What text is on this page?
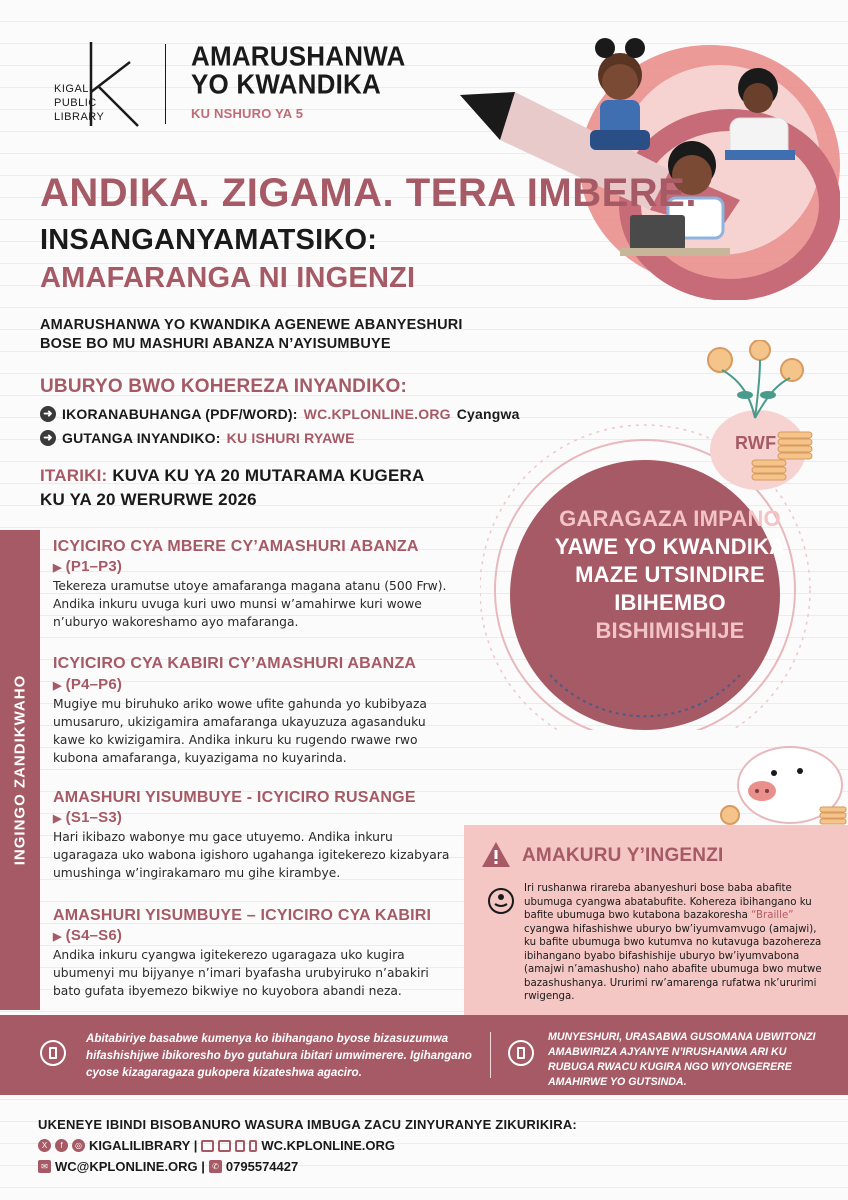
KIGALI
PUBLIC
LIBRARY
AMARUSHANWA
YO KWANDIKA
KU NSHURO YA 5
ANDIKA. ZIGAMA. TERA IMBERE.
INSANGANYAMATSIKO:
AMAFARANGA NI INGENZI
AMARUSHANWA YO KWANDIKA AGENEWE ABANYESHURI
BOSE BO MU MASHURI ABANZA N’AYISUMBUYE
UBURYO BWO KOHEREZA INYANDIKO:
➜ IKORANABUHANGA (PDF/WORD): WC.KPLONLINE.ORG Cyangwa
➜ GUTANGA INYANDIKO: KU ISHURI RYAWE
ITARIKI: KUVA KU YA 20 MUTARAMA KUGERA
KU YA 20 WERURWE 2026
INGINGO ZANDIKWAHO
ICYICIRO CYA MBERE CY’AMASHURI ABANZA
▶ (P1–P3)
Tekereza uramutse utoye amafaranga magana atanu (500 Frw). Andika inkuru uvuga kuri uwo munsi w’amahirwe kuri wowe n’uburyo wakoreshamo ayo mafaranga.
ICYICIRO CYA KABIRI CY’AMASHURI ABANZA
▶ (P4–P6)
Mugiye mu biruhuko ariko wowe ufite gahunda yo kubibyaza umusaruro, ukizigamira amafaranga ukayuzuza agasanduku kawe ko kwizigamira. Andika inkuru ku rugendo rwawe rwo kubona amafaranga, kuyazigama no kuyarinda.
AMASHURI YISUMBUYE - ICYICIRO RUSANGE
▶ (S1–S3)
Hari ikibazo wabonye mu gace utuyemo. Andika inkuru ugaragaza uko wabona igishoro ugahanga igitekerezo kizabyara umushinga w’ingirakamaro mu gihe kirambye.
AMASHURI YISUMBUYE – ICYICIRO CYA KABIRI
▶ (S4–S6)
Andika inkuru cyangwa igitekerezo ugaragaza uko kugira ubumenyi mu bijyanye n’imari byafasha urubyiruko n’abakiri bato gufata ibyemezo bikwiye no kuyobora abandi neza.
RWF
GARAGAZA IMPANO
YAWE YO KWANDIKA
MAZE UTSINDIRE
IBIHEMBO
BISHIMISHIJE
AMAKURU Y’INGENZI
Iri rushanwa rirareba abanyeshuri bose baba abafite ubumuga cyangwa abatabufite. Kohereza ibihangano ku bafite ubumuga bwo kutabona bazakoresha “Braille” cyangwa hifashishwe uburyo bw’iyumvamvugo (amajwi), ku bafite ubumuga bwo kutumva no kutavuga bazohereza ibihangano byabo bifashishije uburyo bw’iyumvabona (amajwi n’amashusho) naho abafite ubumuga bwo mutwe bazashushanya. Ururimi rw’amarenga rufatwa nk’ururimi rwigenga.
Abitabiriye basabwe kumenya ko ibihangano byose bizasuzumwa hifashishijwe ibikoresho byo gutahura ibitari umwimerere. Igihangano cyose kizagaragaza gukopera kizateshwa agaciro.
MUNYESHURI, URASABWA GUSOMANA UBWITONZI AMABWIRIZA AJYANYE N’IRUSHANWA ARI KU RUBUGA RWACU KUGIRA NGO WIYONGERERE AMAHIRWE YO GUTSINDA.
UKENEYE IBINDI BISOBANURO WASURA IMBUGA ZACU ZINYURANYE ZIKURIKIRA:
X	f	◎ KIGALILIBRARY |	WC.KPLONLINE.ORG
✉ WC@KPLONLINE.ORG | ✆ 0795574427
